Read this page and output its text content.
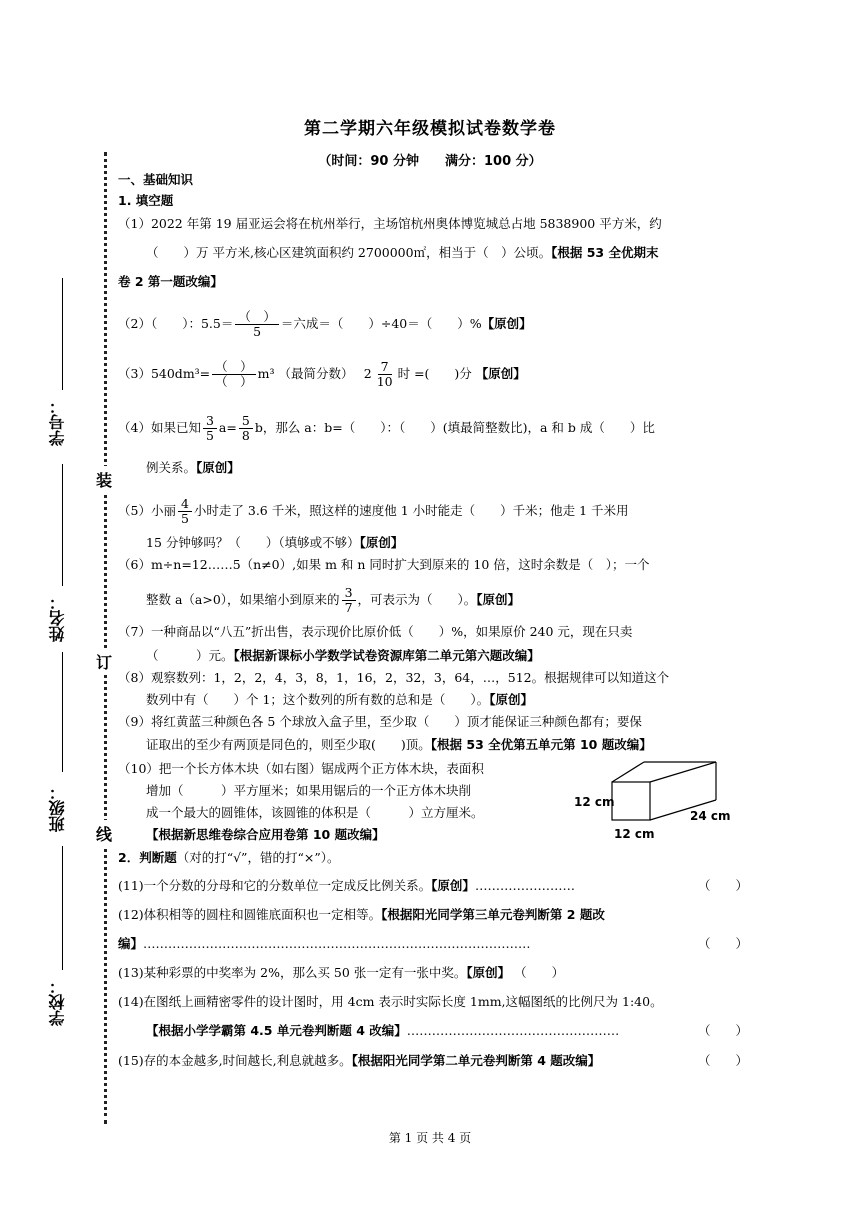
第二学期六年级模拟试卷数学卷
（时间：90 分钟　　满分：100 分）
学号：
姓名：
班级：
学校：
装
订
线
一、基础知识
1. 填空题
（1）2022 年第 19 届亚运会将在杭州举行，主场馆杭州奥体博览城总占地 5838900 平方米，约
（　　）万 平方米,核心区建筑面积约 2700000㎡，相当于（　）公顷。【根据 53 全优期末
卷 2 第一题改编】
（2）（　　）：$5.5= \frac{( )}{5}$ ＝六成＝（　　）÷40＝（　　）%【原创】
$(3)540dm^3= \frac{( )}{( )} m^3$ （最简分数）　 $2 \frac{7}{10}$ 时 =(　　)分 【原创】
（4）如果已知 $\frac{3}{5} a= \frac{5}{8}$ b，那么 a：b=（　　）：（　　）(填最简整数比)，a 和 b 成（　　）比
例关系。【原创】
（5）小丽 $\frac{4}{5}$ 小时走了 3.6 千米，照这样的速度他 1 小时能走（　　）千米；他走 1 千米用
15 分钟够吗？（　　）（填够或不够）【原创】
（6）m÷n=12……5（n≠0）,如果 m 和 n 同时扩大到原来的 10 倍，这时余数是（　）；一个
整数 a（a>0），如果缩小到原来的 $\frac{3}{7}$ ，可表示为（　　）。【原创】
（7）一种商品以“八五”折出售，表示现价比原价低（　　）%，如果原价 240 元，现在只卖
（　　　）元。【根据新课标小学数学试卷资源库第二单元第六题改编】
（8）观察数列：1，2，2，4，3，8，1，16，2，32，3，64，…，512。根据规律可以知道这个
数列中有（　　）个 1；这个数列的所有数的总和是（　　）。【原创】
（9）将红黄蓝三种颜色各 5 个球放入盒子里，至少取（　　）顶才能保证三种颜色都有；要保
证取出的至少有两顶是同色的，则至少取(　　)顶。【根据 53 全优第五单元第 10 题改编】
（10）把一个长方体木块（如右图）锯成两个正方体木块，表面积
增加（　　　）平方厘米；如果用锯后的一个正方体木块削
成一个最大的圆锥体，该圆锥的体积是（　　　）立方厘米。
【根据新思维卷综合应用卷第 10 题改编】
12 cm
24 cm
12 cm
2．判断题（对的打“√”，错的打“×”）。
(11)一个分数的分母和它的分数单位一定成反比例关系。【原创】……………………	（　　）
(12)体积相等的圆柱和圆锥底面积也一定相等。【根据阳光同学第三单元卷判断第 2 题改
编】…………………………………………………………………………………	（　　）
(13)某种彩票的中奖率为 2%，那么买 50 张一定有一张中奖。【原创】 （　　）
(14)在图纸上画精密零件的设计图时，用 4cm 表示时实际长度 1mm,这幅图纸的比例尺为 1:40。
【根据小学学霸第 4.5 单元卷判断题 4 改编】……………………………………………	（　　）
(15)存的本金越多,时间越长,利息就越多。【根据阳光同学第二单元卷判断第 4 题改编】	（　　）
第 1 页 共 4 页
